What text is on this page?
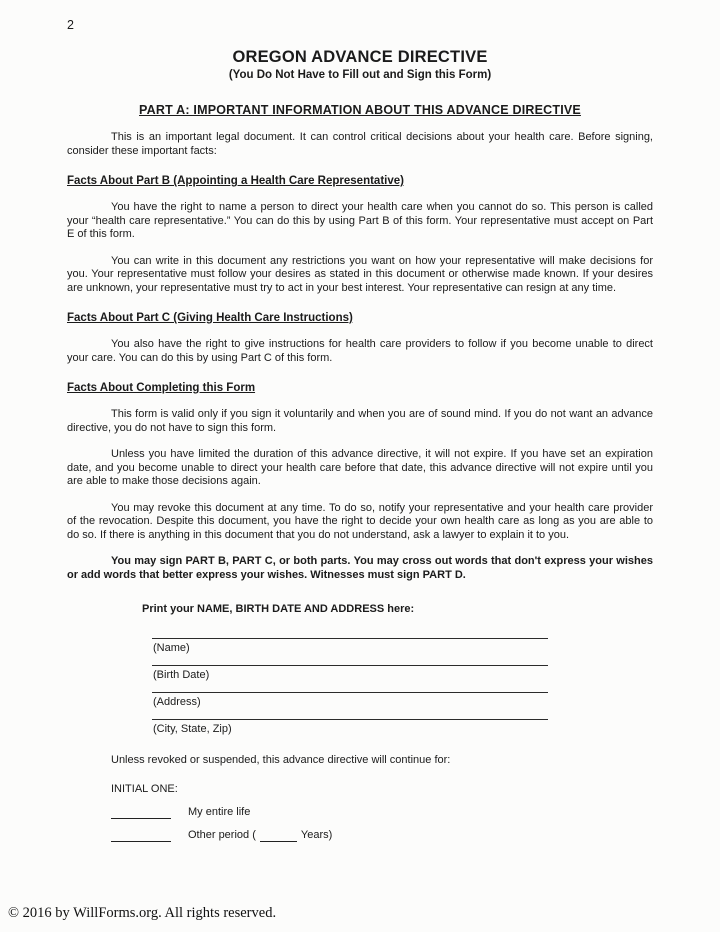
2
OREGON ADVANCE DIRECTIVE
(You Do Not Have to Fill out and Sign this Form)
PART A: IMPORTANT INFORMATION ABOUT THIS ADVANCE DIRECTIVE

This is an important legal document. It can control critical decisions about your health care. Before signing, consider these important facts:

Facts About Part B (Appointing a Health Care Representative)

You have the right to name a person to direct your health care when you cannot do so. This person is called your “health care representative.” You can do this by using Part B of this form. Your representative must accept on Part E of this form.

You can write in this document any restrictions you want on how your representative will make decisions for you. Your representative must follow your desires as stated in this document or otherwise made known. If your desires are unknown, your representative must try to act in your best interest. Your representative can resign at any time.

Facts About Part C (Giving Health Care Instructions)

You also have the right to give instructions for health care providers to follow if you become unable to direct your care. You can do this by using Part C of this form.

Facts About Completing this Form

This form is valid only if you sign it voluntarily and when you are of sound mind. If you do not want an advance directive, you do not have to sign this form.

Unless you have limited the duration of this advance directive, it will not expire. If you have set an expiration date, and you become unable to direct your health care before that date, this advance directive will not expire until you are able to make those decisions again.

You may revoke this document at any time. To do so, notify your representative and your health care provider of the revocation. Despite this document, you have the right to decide your own health care as long as you are able to do so. If there is anything in this document that you do not understand, ask a lawyer to explain it to you.

You may sign PART B, PART C, or both parts. You may cross out words that don't express your wishes or add words that better express your wishes. Witnesses must sign PART D.

Print your NAME, BIRTH DATE AND ADDRESS here:
(Name)
(Birth Date)
(Address)
(City, State, Zip)
Unless revoked or suspended, this advance directive will continue for:
INITIAL ONE:
My entire life
Other period (	Years)
© 2016 by WillForms.org. All rights reserved.
